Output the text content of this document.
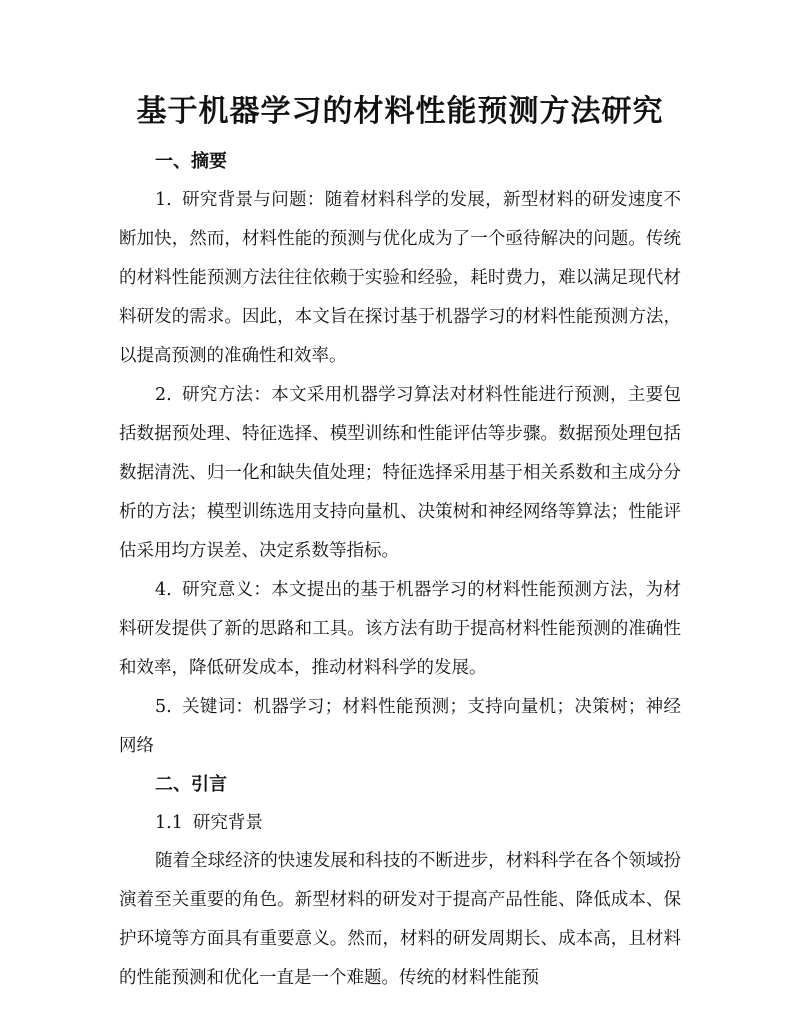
基于机器学习的材料性能预测方法研究

一、摘要

1. 研究背景与问题：随着材料科学的发展，新型材料的研发速度不断加快，然而，材料性能的预测与优化成为了一个亟待解决的问题。传统的材料性能预测方法往往依赖于实验和经验，耗时费力，难以满足现代材料研发的需求。因此，本文旨在探讨基于机器学习的材料性能预测方法，以提高预测的准确性和效率。

2. 研究方法：本文采用机器学习算法对材料性能进行预测，主要包括数据预处理、特征选择、模型训练和性能评估等步骤。数据预处理包括数据清洗、归一化和缺失值处理；特征选择采用基于相关系数和主成分分析的方法；模型训练选用支持向量机、决策树和神经网络等算法；性能评估采用均方误差、决定系数等指标。

4. 研究意义：本文提出的基于机器学习的材料性能预测方法，为材料研发提供了新的思路和工具。该方法有助于提高材料性能预测的准确性和效率，降低研发成本，推动材料科学的发展。

5. 关键词：机器学习；材料性能预测；支持向量机；决策树；神经网络

二、引言

1.1 研究背景

随着全球经济的快速发展和科技的不断进步，材料科学在各个领域扮演着至关重要的角色。新型材料的研发对于提高产品性能、降低成本、保护环境等方面具有重要意义。然而，材料的研发周期长、成本高，且材料的性能预测和优化一直是一个难题。传统的材料性能预
